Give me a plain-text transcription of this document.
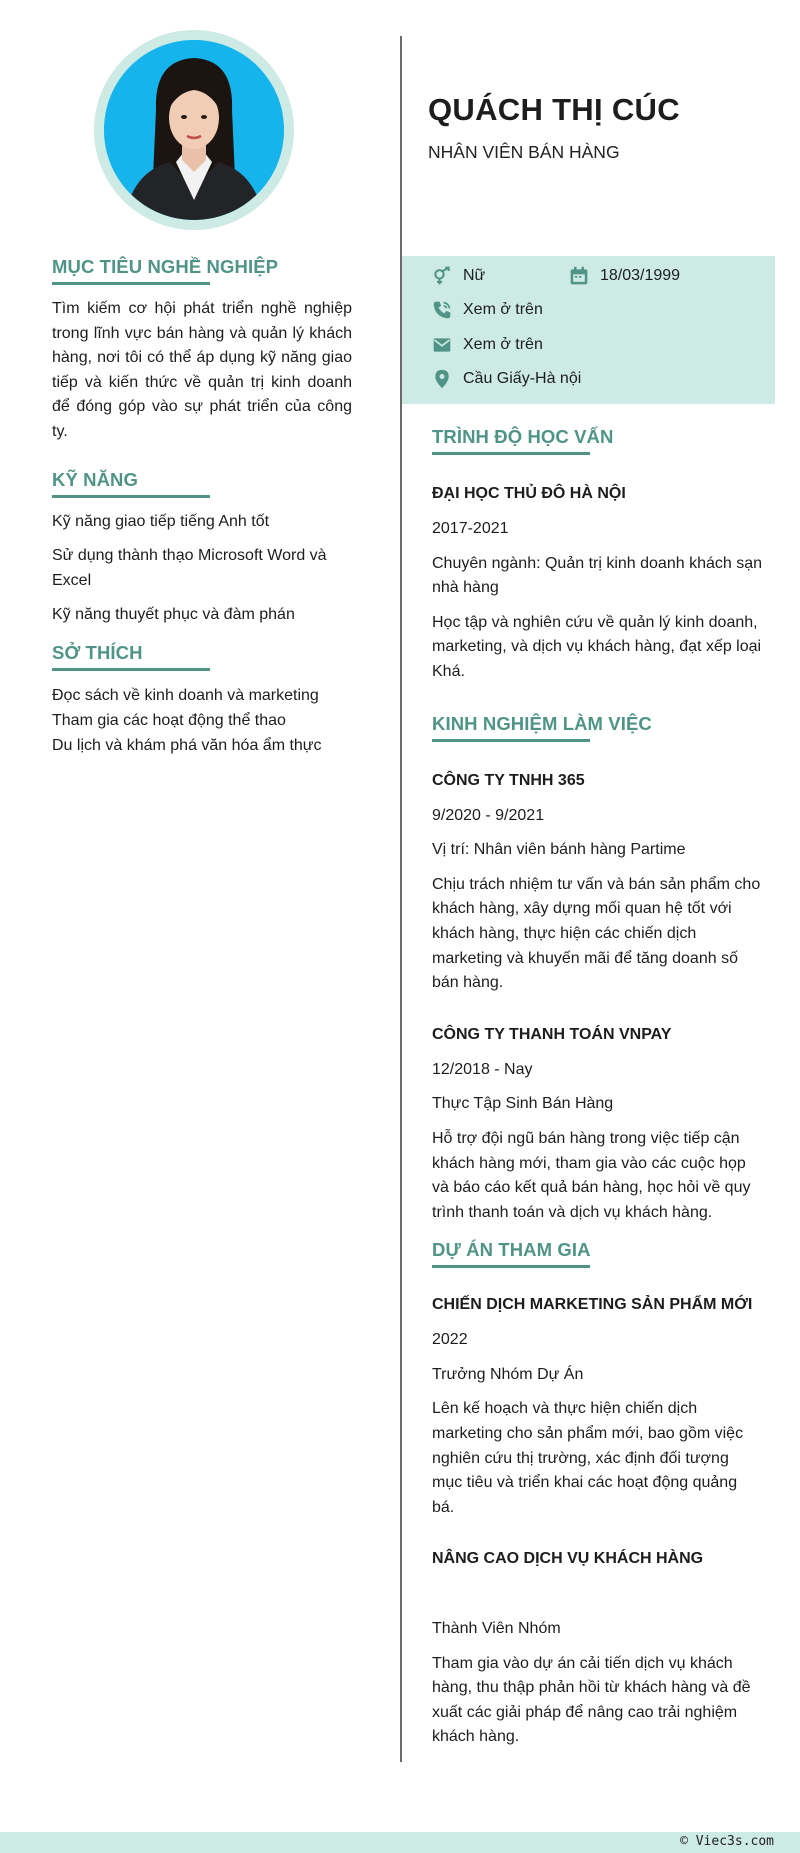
MỤC TIÊU NGHỀ NGHIỆP

Tìm kiếm cơ hội phát triển nghề nghiệp trong lĩnh vực bán hàng và quản lý khách hàng, nơi tôi có thể áp dụng kỹ năng giao tiếp và kiến thức về quản trị kinh doanh để đóng góp vào sự phát triển của công ty.

KỸ NĂNG

Kỹ năng giao tiếp tiếng Anh tốt

Sử dụng thành thạo Microsoft Word và Excel

Kỹ năng thuyết phục và đàm phán

SỞ THÍCH

Đọc sách về kinh doanh và marketing

Tham gia các hoạt động thể thao

Du lịch và khám phá văn hóa ẩm thực

QUÁCH THỊ CÚC

NHÂN VIÊN BÁN HÀNG

Nữ	18/03/1999
Xem ở trên
Xem ở trên
Cầu Giấy-Hà nội
TRÌNH ĐỘ HỌC VẤN

ĐẠI HỌC THỦ ĐÔ HÀ NỘI

2017-2021

Chuyên ngành: Quản trị kinh doanh khách sạn nhà hàng

Học tập và nghiên cứu về quản lý kinh doanh, marketing, và dịch vụ khách hàng, đạt xếp loại Khá.

KINH NGHIỆM LÀM VIỆC

CÔNG TY TNHH 365

9/2020 - 9/2021

Vị trí: Nhân viên bánh hàng Partime

Chịu trách nhiệm tư vấn và bán sản phẩm cho khách hàng, xây dựng mối quan hệ tốt với khách hàng, thực hiện các chiến dịch marketing và khuyến mãi để tăng doanh số bán hàng.

CÔNG TY THANH TOÁN VNPAY

12/2018 - Nay

Thực Tập Sinh Bán Hàng

Hỗ trợ đội ngũ bán hàng trong việc tiếp cận khách hàng mới, tham gia vào các cuộc họp và báo cáo kết quả bán hàng, học hỏi về quy trình thanh toán và dịch vụ khách hàng.

DỰ ÁN THAM GIA

CHIẾN DỊCH MARKETING SẢN PHẨM MỚI

2022

Trưởng Nhóm Dự Án

Lên kế hoạch và thực hiện chiến dịch marketing cho sản phẩm mới, bao gồm việc nghiên cứu thị trường, xác định đối tượng mục tiêu và triển khai các hoạt động quảng bá.

NÂNG CAO DỊCH VỤ KHÁCH HÀNG

Thành Viên Nhóm

Tham gia vào dự án cải tiến dịch vụ khách hàng, thu thập phản hồi từ khách hàng và đề xuất các giải pháp để nâng cao trải nghiệm khách hàng.

© Viec3s.com
